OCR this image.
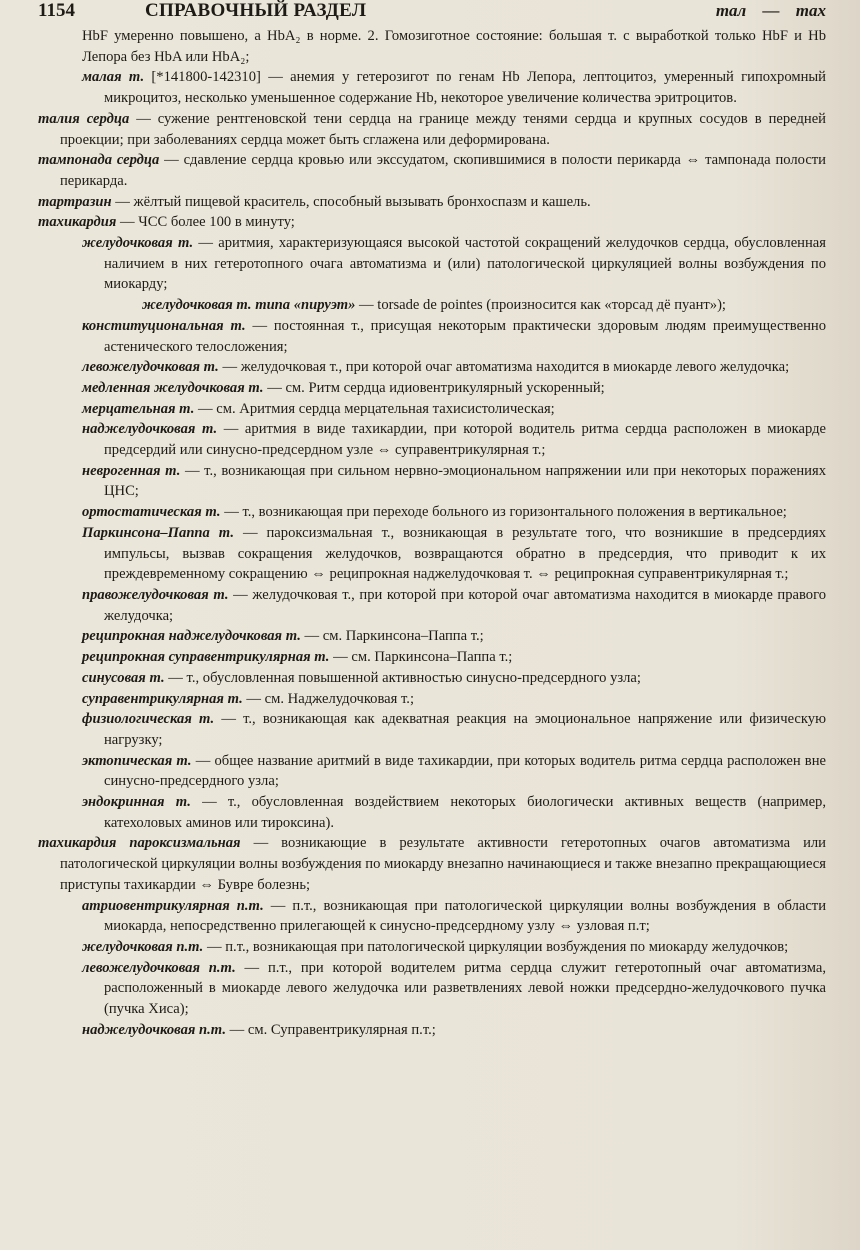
1154	СПРАВОЧНЫЙ РАЗДЕЛ	тал — тах

HbF умеренно повышено, а HbA₂ в норме. 2. Гомозиготное состояние: большая т. с выработкой только HbF и Hb Лепора без HbA или HbA₂;

малая т. [*141800-142310] — анемия у гетерозигот по генам Hb Лепора, лептоцитоз, умеренный гипохромный микроцитоз, несколько уменьшенное содержание Hb, некоторое увеличение количества эритроцитов.

талия сердца — сужение рентгеновской тени сердца на границе между тенями сердца и крупных сосудов в передней проекции; при заболеваниях сердца может быть сглажена или деформирована.

тампонада сердца — сдавление сердца кровью или экссудатом, скопившимися в полости перикарда ⇔ тампонада полости перикарда.

тартразин — жёлтый пищевой краситель, способный вызывать бронхоспазм и кашель.

тахикардия — ЧСС более 100 в минуту;

желудочковая т. — аритмия, характеризующаяся высокой частотой сокращений желудочков сердца, обусловленная наличием в них гетеротопного очага автоматизма и (или) патологической циркуляцией волны возбуждения по миокарду;

желудочковая т. типа «пируэт» — torsade de pointes (произносится как «торсад дё пуант»);

конституциональная т. — постоянная т., присущая некоторым практически здоровым людям преимущественно астенического телосложения;

левожелудочковая т. — желудочковая т., при которой очаг автоматизма находится в миокарде левого желудочка;

медленная желудочковая т. — см. Ритм сердца идиовентрикулярный ускоренный;

мерцательная т. — см. Аритмия сердца мерцательная тахисистолическая;

наджелудочковая т. — аритмия в виде тахикардии, при которой водитель ритма сердца расположен в миокарде предсердий или синусно-предсердном узле ⇔ суправентрикулярная т.;

неврогенная т. — т., возникающая при сильном нервно-эмоциональном напряжении или при некоторых поражениях ЦНС;

ортостатическая т. — т., возникающая при переходе больного из горизонтального положения в вертикальное;

Паркинсона–Паппа т. — пароксизмальная т., возникающая в результате того, что возникшие в предсердиях импульсы, вызвав сокращения желудочков, возвращаются обратно в предсердия, что приводит к их преждевременному сокращению ⇔ реципрокная наджелудочковая т. ⇔ реципрокная суправентрикулярная т.;

правожелудочковая т. — желудочковая т., при которой при которой очаг автоматизма находится в миокарде правого желудочка;

реципрокная наджелудочковая т. — см. Паркинсона–Паппа т.;

реципрокная суправентрикулярная т. — см. Паркинсона–Паппа т.;

синусовая т. — т., обусловленная повышенной активностью синусно-предсердного узла;

суправентрикулярная т. — см. Наджелудочковая т.;

физиологическая т. — т., возникающая как адекватная реакция на эмоциональное напряжение или физическую нагрузку;

эктопическая т. — общее название аритмий в виде тахикардии, при которых водитель ритма сердца расположен вне синусно-предсердного узла;

эндокринная т. — т., обусловленная воздействием некоторых биологически активных веществ (например, катехоловых аминов или тироксина).

тахикардия пароксизмальная — возникающие в результате активности гетеротопных очагов автоматизма или патологической циркуляции волны возбуждения по миокарду внезапно начинающиеся и также внезапно прекращающиеся приступы тахикардии ⇔ Бувре болезнь;

атриовентрикулярная п.т. — п.т., возникающая при патологической циркуляции волны возбуждения в области миокарда, непосредственно прилегающей к синусно-предсердному узлу ⇔ узловая п.т;

желудочковая п.т. — п.т., возникающая при патологической циркуляции возбуждения по миокарду желудочков;

левожелудочковая п.т. — п.т., при которой водителем ритма сердца служит гетеротопный очаг автоматизма, расположенный в миокарде левого желудочка или разветвлениях левой ножки предсердно-желудочкового пучка (пучка Хиса);

наджелудочковая п.т. — см. Суправентрикулярная п.т.;
